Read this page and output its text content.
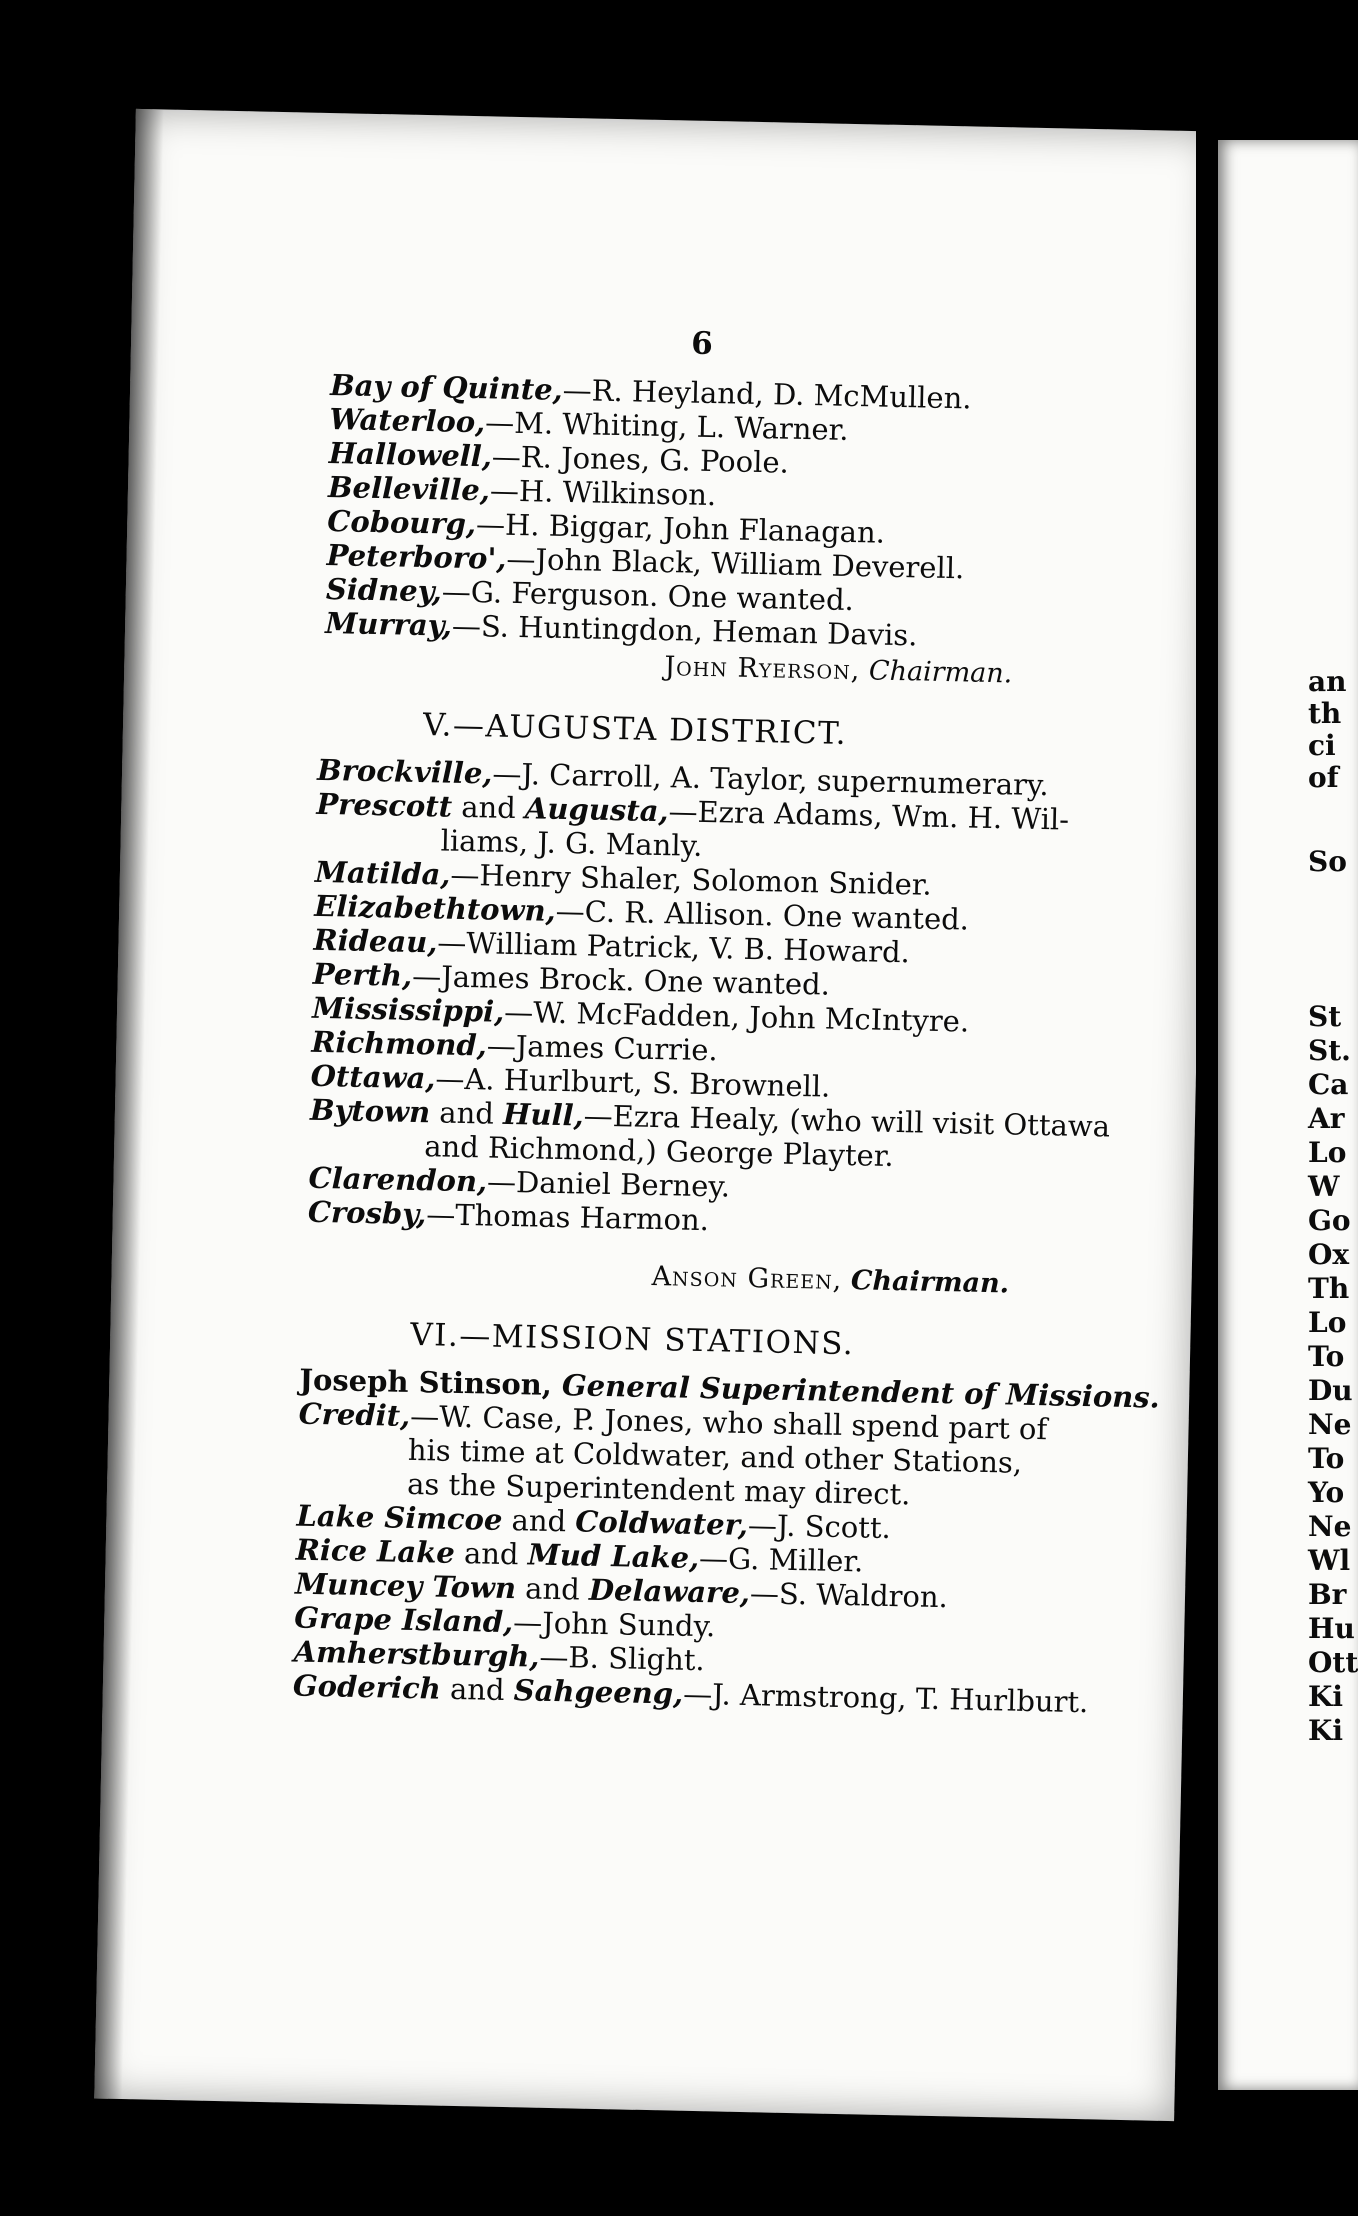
6
Bay of Quinte,—R. Heyland, D. McMullen.
Waterloo,—M. Whiting, L. Warner.
Hallowell,—R. Jones, G. Poole.
Belleville,—H. Wilkinson.
Cobourg,—H. Biggar, John Flanagan.
Peterboro',—John Black, William Deverell.
Sidney,—G. Ferguson. One wanted.
Murray,—S. Huntingdon, Heman Davis.
John Ryerson, Chairman.
V.—AUGUSTA DISTRICT.
Brockville,—J. Carroll, A. Taylor, supernumerary.
Prescott and Augusta,—Ezra Adams, Wm. H. Wil-
liams, J. G. Manly.
Matilda,—Henry Shaler, Solomon Snider.
Elizabethtown,—C. R. Allison. One wanted.
Rideau,—William Patrick, V. B. Howard.
Perth,—James Brock. One wanted.
Mississippi,—W. McFadden, John McIntyre.
Richmond,—James Currie.
Ottawa,—A. Hurlburt, S. Brownell.
Bytown and Hull,—Ezra Healy, (who will visit Ottawa
and Richmond,) George Playter.
Clarendon,—Daniel Berney.
Crosby,—Thomas Harmon.
Anson Green, Chairman.
VI.—MISSION STATIONS.
Joseph Stinson, General Superintendent of Missions.
Credit,—W. Case, P. Jones, who shall spend part of
his time at Coldwater, and other Stations,
as the Superintendent may direct.
Lake Simcoe and Coldwater,—J. Scott.
Rice Lake and Mud Lake,—G. Miller.
Muncey Town and Delaware,—S. Waldron.
Grape Island,—John Sundy.
Amherstburgh,—B. Slight.
Goderich and Sahgeeng,—J. Armstrong, T. Hurlburt.
an
th
ci
of
So
St
St.
Ca
Ar
Lo
W
Go
Ox
Th
Lo
To
Du
Ne
To
Yo
Ne
Wl
Br
Hu
Ott
Ki
Ki
